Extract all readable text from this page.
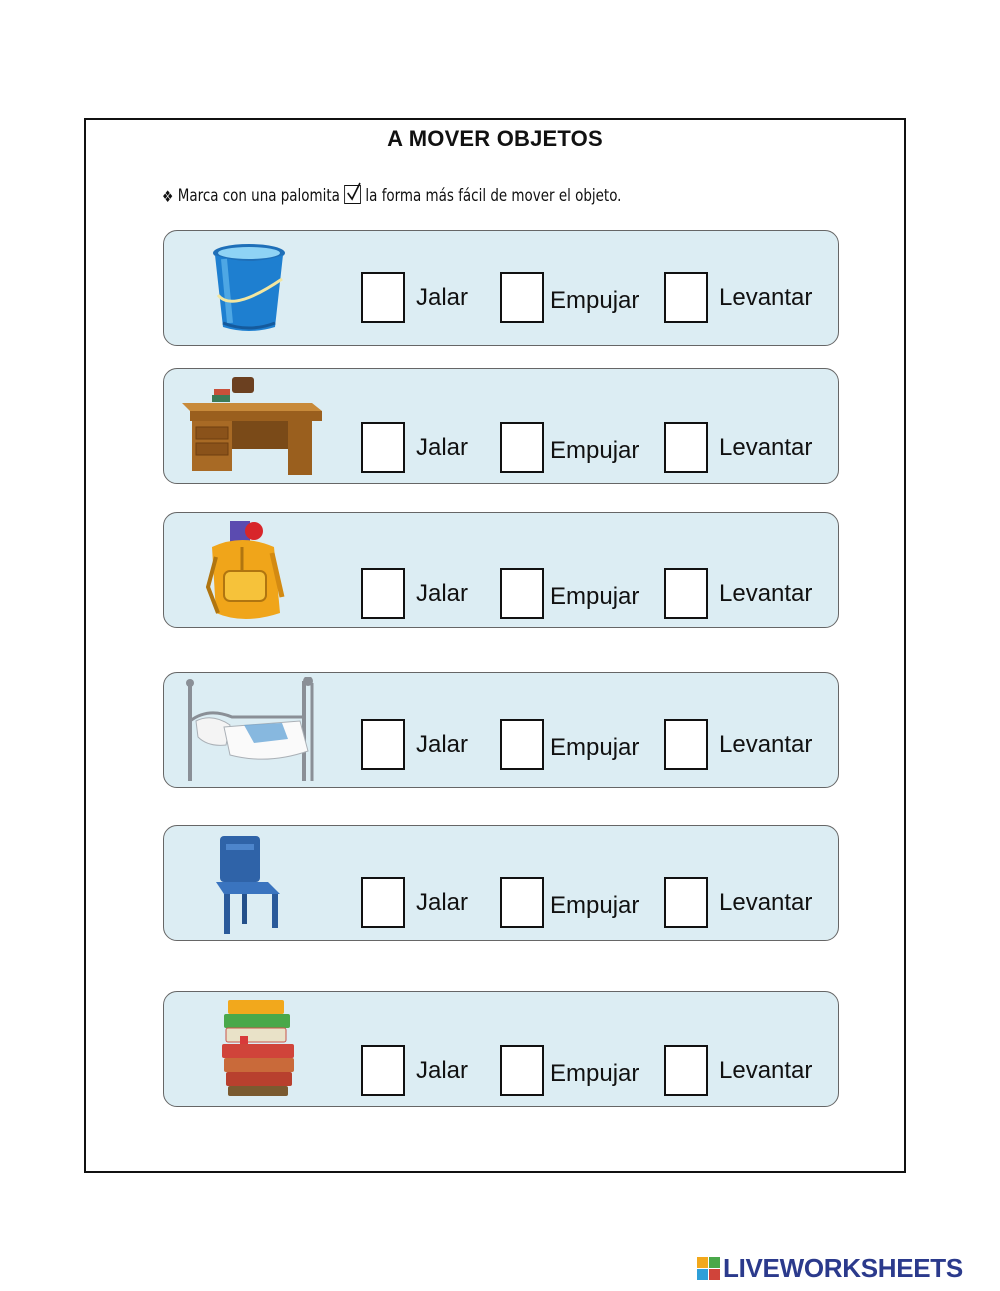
A MOVER OBJETOS
❖ Marca con una palomita la forma más fácil de mover el objeto.
Jalar	Empujar	Levantar
Jalar	Empujar	Levantar
Jalar	Empujar	Levantar
Jalar	Empujar	Levantar
Jalar	Empujar	Levantar
Jalar	Empujar	Levantar
LIVEWORKSHEETS
